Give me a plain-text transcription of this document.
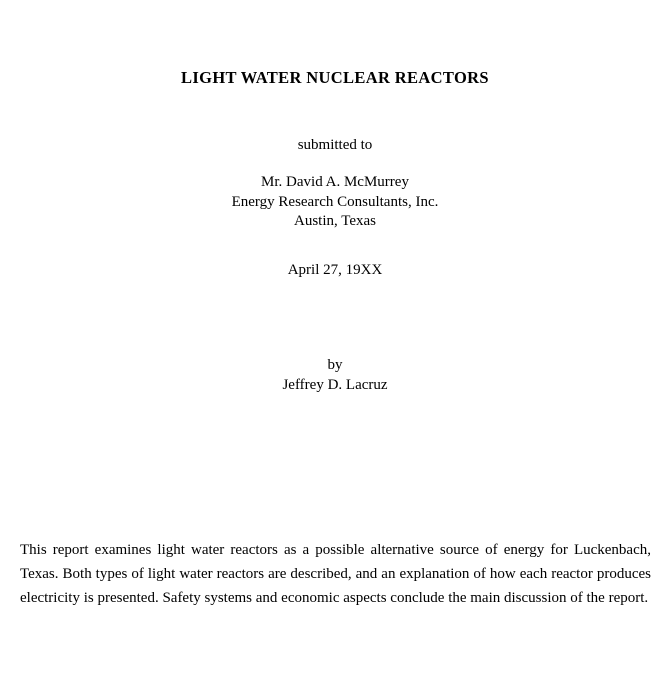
LIGHT WATER NUCLEAR REACTORS
submitted to
Mr. David A. McMurrey
Energy Research Consultants, Inc.
Austin, Texas
April 27, 19XX
by
Jeffrey D. Lacruz

This report examines light water reactors as a possible alternative source of energy for Luckenbach, Texas. Both types of light water reactors are described, and an explanation of how each reactor produces electricity is presented. Safety systems and economic aspects conclude the main discussion of the report.
